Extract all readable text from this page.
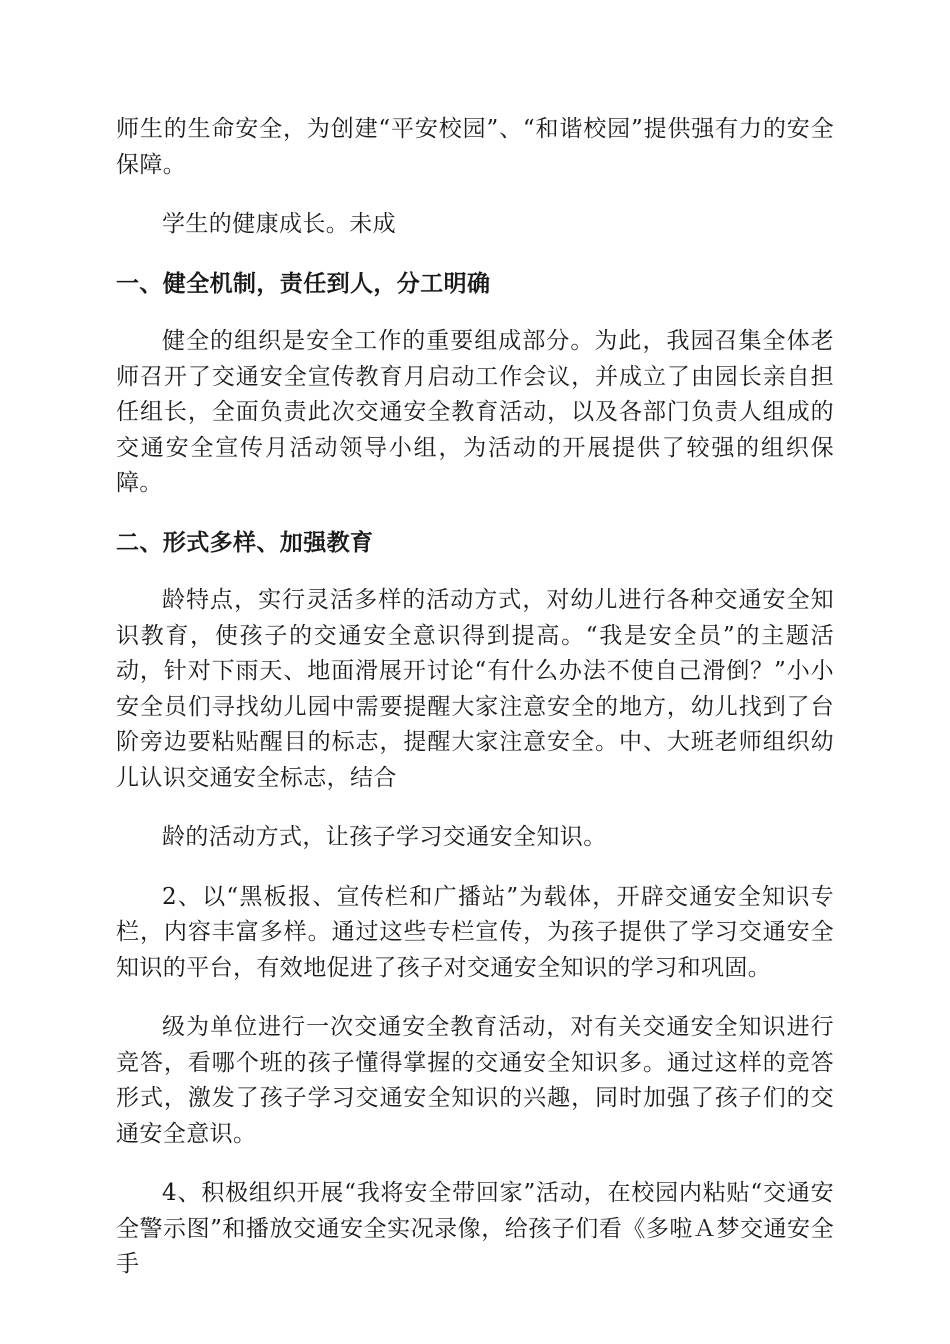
师生的生命安全，为创建“平安校园”、“和谐校园”提供强有力的安全保障。

学生的健康成长。未成

一、健全机制，责任到人，分工明确

健全的组织是安全工作的重要组成部分。为此，我园召集全体老师召开了交通安全宣传教育月启动工作会议，并成立了由园长亲自担任组长，全面负责此次交通安全教育活动，以及各部门负责人组成的交通安全宣传月活动领导小组，为活动的开展提供了较强的组织保障。

二、形式多样、加强教育

龄特点，实行灵活多样的活动方式，对幼儿进行各种交通安全知识教育，使孩子的交通安全意识得到提高。“我是安全员”的主题活动，针对下雨天、地面滑展开讨论“有什么办法不使自己滑倒？”小小安全员们寻找幼儿园中需要提醒大家注意安全的地方，幼儿找到了台阶旁边要粘贴醒目的标志，提醒大家注意安全。中、大班老师组织幼儿认识交通安全标志，结合

龄的活动方式，让孩子学习交通安全知识。

2、以“黑板报、宣传栏和广播站”为载体，开辟交通安全知识专栏，内容丰富多样。通过这些专栏宣传，为孩子提供了学习交通安全知识的平台，有效地促进了孩子对交通安全知识的学习和巩固。

级为单位进行一次交通安全教育活动，对有关交通安全知识进行竞答，看哪个班的孩子懂得掌握的交通安全知识多。通过这样的竞答形式，激发了孩子学习交通安全知识的兴趣，同时加强了孩子们的交通安全意识。

4、积极组织开展“我将安全带回家”活动，在校园内粘贴“交通安全警示图”和播放交通安全实况录像，给孩子们看《多啦Ａ梦交通安全手
